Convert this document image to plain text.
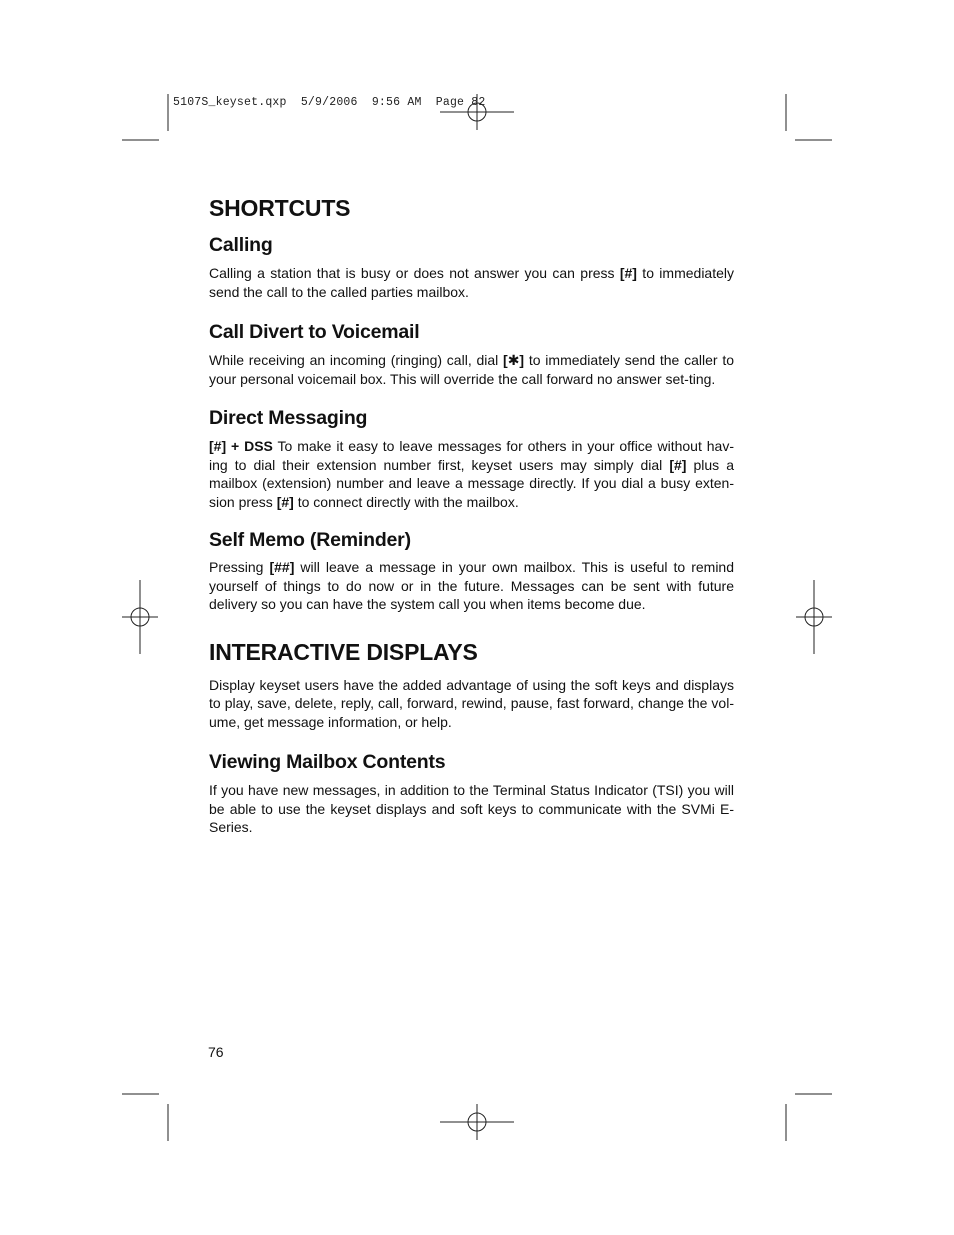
5107S_keyset.qxp  5/9/2006  9:56 AM  Page 82
SHORTCUTS
Calling

Calling a station that is busy or does not answer you can press [#] to immediately send the call to the called parties mailbox.

Call Divert to Voicemail

While receiving an incoming (ringing) call, dial [✱] to immediately send the caller to your personal voicemail box. This will override the call forward no answer set-ting.

Direct Messaging

[#] + DSS To make it easy to leave messages for others in your office without hav-ing to dial their extension number first, keyset users may simply dial [#] plus a mailbox (extension) number and leave a message directly. If you dial a busy exten-sion press [#] to connect directly with the mailbox.

Self Memo (Reminder)

Pressing [##] will leave a message in your own mailbox. This is useful to remind yourself of things to do now or in the future. Messages can be sent with future delivery so you can have the system call you when items become due.

INTERACTIVE DISPLAYS

Display keyset users have the added advantage of using the soft keys and displays to play, save, delete, reply, call, forward, rewind, pause, fast forward, change the vol-ume, get message information, or help.

Viewing Mailbox Contents

If you have new messages, in addition to the Terminal Status Indicator (TSI) you will be able to use the keyset displays and soft keys to communicate with the SVMi E-Series.

76
